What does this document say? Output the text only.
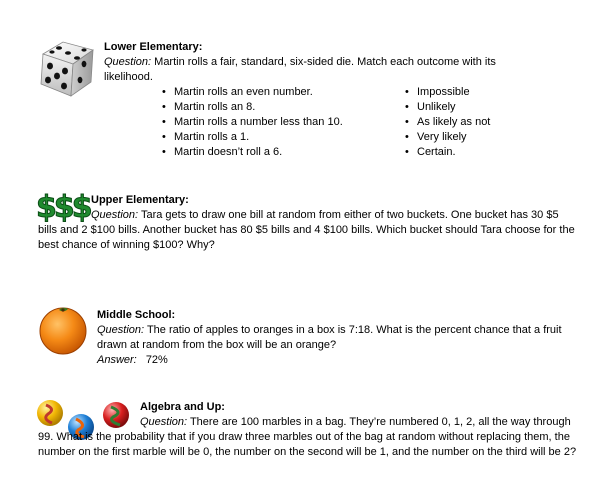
Lower Elementary:
Question: Martin rolls a fair, standard, six-sided die. Match each outcome with its likelihood.
• Martin rolls an even number.
• Martin rolls an 8.
• Martin rolls a number less than 10.
• Martin rolls a 1.
• Martin doesn’t roll a 6.
• Impossible
• Unlikely
• As likely as not
• Very likely
• Certain.
$$$ Upper Elementary:
Question: Tara gets to draw one bill at random from either of two buckets. One bucket has 30 $5 bills and 2 $100 bills. Another bucket has 80 $5 bills and 4 $100 bills. Which bucket should Tara choose for the best chance of winning $100? Why?
Middle School:
Question: The ratio of apples to oranges in a box is 7:18. What is the percent chance that a fruit drawn at random from the box will be an orange?
Answer: 72%
Algebra and Up:
Question: There are 100 marbles in a bag. They’re numbered 0, 1, 2, all the way through 99. What is the probability that if you draw three marbles out of the bag at random without replacing them, the number on the first marble will be 0, the number on the second will be 1, and the number on the third will be 2?
